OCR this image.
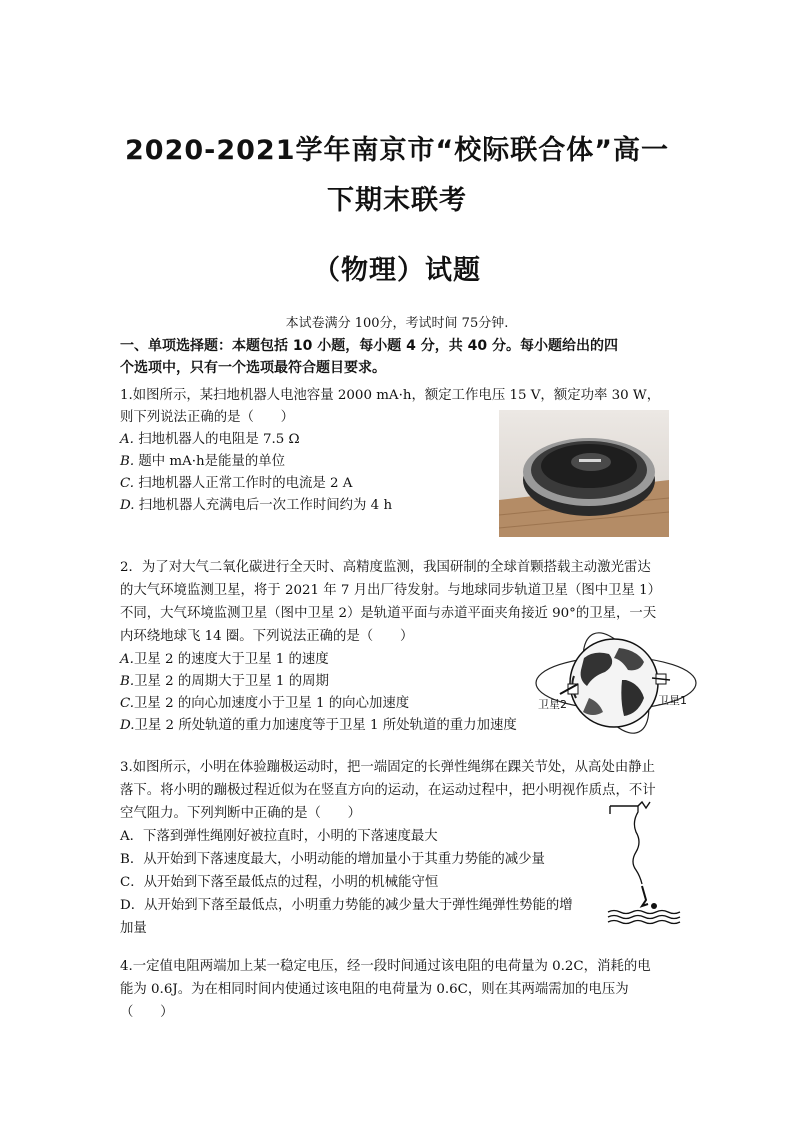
2020-2021学年南京市“校际联合体”高一
下期末联考
（物理）试题
本试卷满分 100分，考试时间 75分钟.
一、单项选择题：本题包括 10 小题，每小题 4 分，共 40 分。每小题给出的四
个选项中，只有一个选项最符合题目要求。
1.如图所示，某扫地机器人电池容量 2000 mA·h，额定工作电压 15 V，额定功率 30 W，
则下列说法正确的是（　　）
A. 扫地机器人的电阻是 7.5 Ω
B. 题中 mA·h是能量的单位
C. 扫地机器人正常工作时的电流是 2 A
D. 扫地机器人充满电后一次工作时间约为 4 h
2．为了对大气二氧化碳进行全天时、高精度监测，我国研制的全球首颗搭载主动激光雷达
的大气环境监测卫星，将于 2021 年 7 月出厂待发射。与地球同步轨道卫星（图中卫星 1）
不同，大气环境监测卫星（图中卫星 2）是轨道平面与赤道平面夹角接近 90°的卫星，一天
内环绕地球飞 14 圈。下列说法正确的是（　　）
A.卫星 2 的速度大于卫星 1 的速度
B.卫星 2 的周期大于卫星 1 的周期
C.卫星 2 的向心加速度小于卫星 1 的向心加速度
D.卫星 2 所处轨道的重力加速度等于卫星 1 所处轨道的重力加速度
卫星2	卫星1
3.如图所示，小明在体验蹦极运动时，把一端固定的长弹性绳绑在踝关节处，从高处由静止
落下。将小明的蹦极过程近似为在竖直方向的运动，在运动过程中，把小明视作质点，不计
空气阻力。下列判断中正确的是（　　）
A．下落到弹性绳刚好被拉直时，小明的下落速度最大
B．从开始到下落速度最大，小明动能的增加量小于其重力势能的减少量
C．从开始到下落至最低点的过程，小明的机械能守恒
D．从开始到下落至最低点，小明重力势能的减少量大于弹性绳弹性势能的增
加量
4.一定值电阻两端加上某一稳定电压，经一段时间通过该电阻的电荷量为 0.2C，消耗的电
能为 0.6J。为在相同时间内使通过该电阻的电荷量为 0.6C，则在其两端需加的电压为
（　　）
